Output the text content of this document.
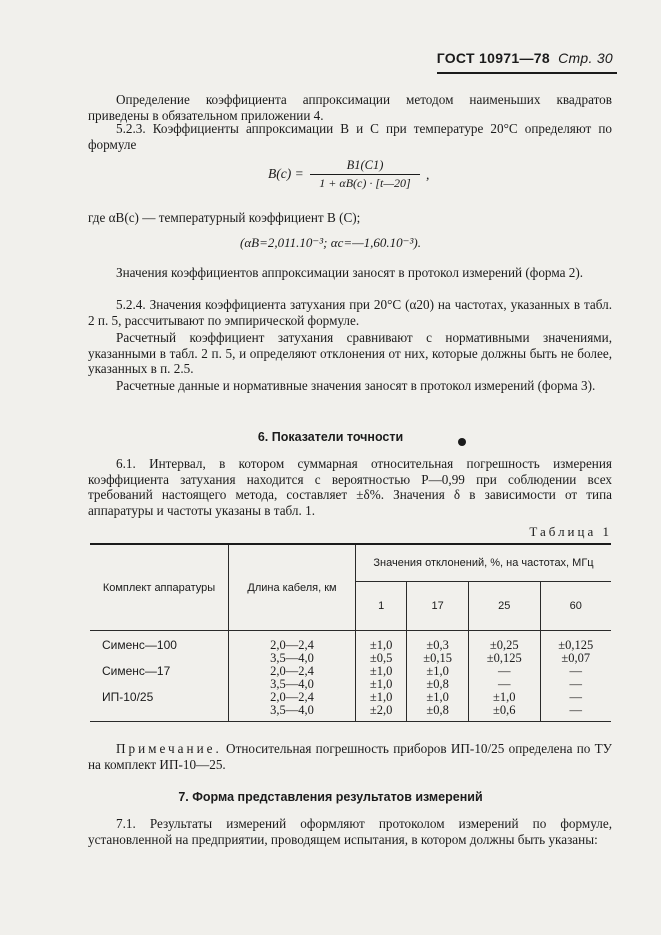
ГОСТ 10971—78 Стр. 30
Определение коэффициента аппроксимации методом наименьших квадратов приведены в обязательном приложении 4.
5.2.3. Коэффициенты аппроксимации B и C при температуре 20°C определяют по формуле
$B(c) = \frac{B1(C1)}{1 + \alpha B(c) \cdot [t—20]}$ ,
где αB(c) — температурный коэффициент B (C);
(αB=2,011.10⁻³; αc=—1,60.10⁻³).
Значения коэффициентов аппроксимации заносят в протокол измерений (форма 2).
5.2.4. Значения коэффициента затухания при 20°C (α20) на частотах, указанных в табл. 2 п. 5, рассчитывают по эмпирической формуле.
Расчетный коэффициент затухания сравнивают с нормативными значениями, указанными в табл. 2 п. 5, и определяют отклонения от них, которые должны быть не более, указанных в п. 2.5.
Расчетные данные и нормативные значения заносят в протокол измерений (форма 3).
6. Показатели точности
6.1. Интервал, в котором суммарная относительная погрешность измерения коэффициента затухания находится с вероятностью P—0,99 при соблюдении всех требований настоящего метода, составляет ±δ%. Значения δ в зависимости от типа аппаратуры и частоты указаны в табл. 1.
Таблица 1
Комплект аппаратуры	Длина кабеля, км	Значения отклонений, %, на частотах, МГц			
		1	17	25	60

Сименс—100	2,0—2,4	±1,0	±0,3	±0,25	±0,125
	3,5—4,0	±0,5	±0,15	±0,125	±0,07
Сименс—17	2,0—2,4	±1,0	±1,0	—	—
	3,5—4,0	±1,0	±0,8	—	—
ИП-10/25	2,0—2,4	±1,0	±1,0	±1,0	—
	3,5—4,0	±2,0	±0,8	±0,6	—
Примечание. Относительная погрешность приборов ИП-10/25 определена по ТУ на комплект ИП-10—25.
7. Форма представления результатов измерений
7.1. Результаты измерений оформляют протоколом измерений по формуле, установленной на предприятии, проводящем испытания, в котором должны быть указаны:
